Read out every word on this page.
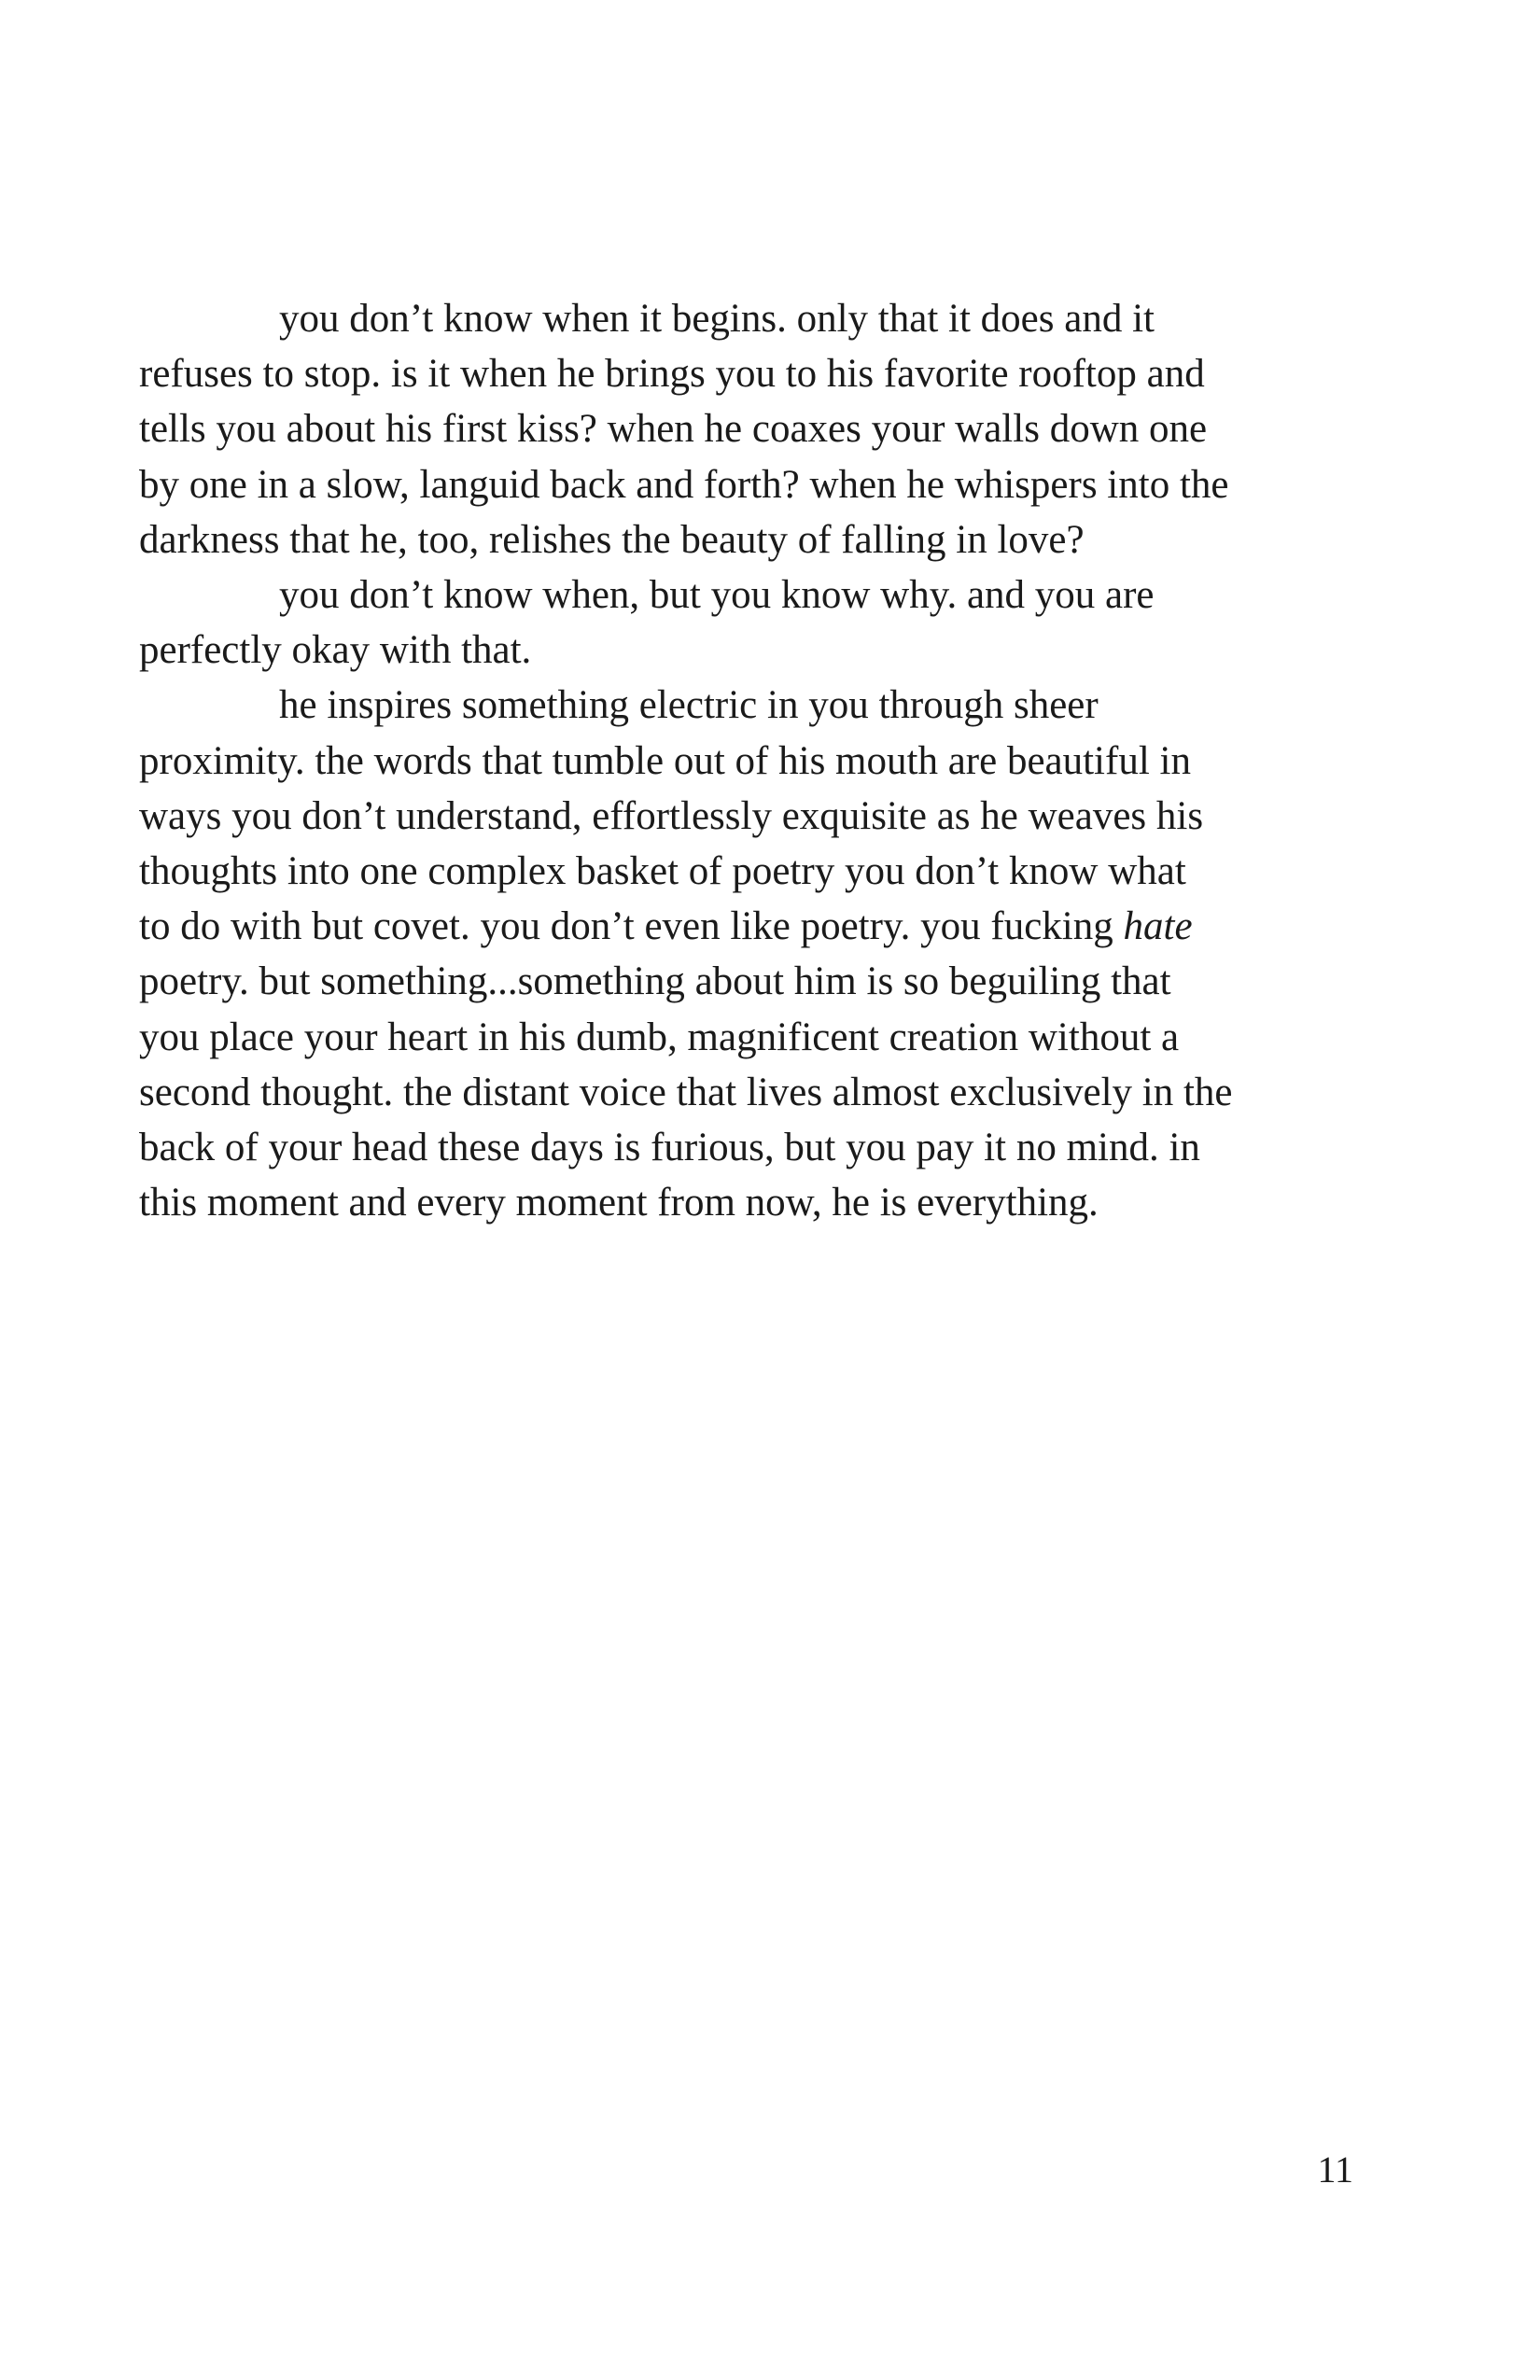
you don’t know when it begins. only that it does and it
refuses to stop. is it when he brings you to his favorite rooftop and
tells you about his first kiss? when he coaxes your walls down one
by one in a slow, languid back and forth? when he whispers into the
darkness that he, too, relishes the beauty of falling in love?
you don’t know when, but you know why. and you are
perfectly okay with that.
he inspires something electric in you through sheer
proximity. the words that tumble out of his mouth are beautiful in
ways you don’t understand, effortlessly exquisite as he weaves his
thoughts into one complex basket of poetry you don’t know what
to do with but covet. you don’t even like poetry. you fucking hate
poetry. but something...something about him is so beguiling that
you place your heart in his dumb, magnificent creation without a
second thought. the distant voice that lives almost exclusively in the
back of your head these days is furious, but you pay it no mind. in
this moment and every moment from now, he is everything.
11
